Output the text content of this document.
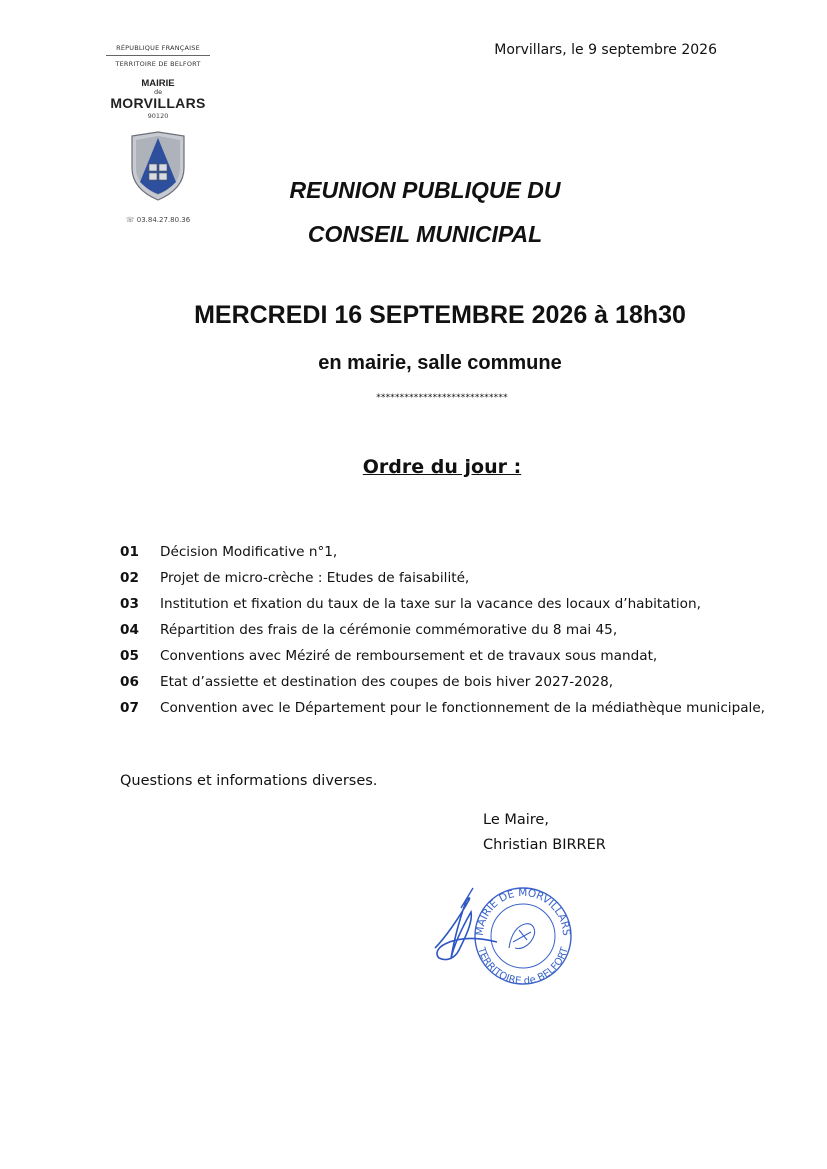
RÉPUBLIQUE FRANÇAISE
TERRITOIRE DE BELFORT
MAIRIE
de
MORVILLARS
90120
☏ 03.84.27.80.36
Morvillars, le 9 septembre 2026
REUNION PUBLIQUE DU
CONSEIL MUNICIPAL
MERCREDI 16 SEPTEMBRE 2026 à 18h30
en mairie, salle commune
****************************
Ordre du jour :
01 Décision Modificative n°1,
02 Projet de micro-crèche : Etudes de faisabilité,
03 Institution et fixation du taux de la taxe sur la vacance des locaux d’habitation,
04 Répartition des frais de la cérémonie commémorative du 8 mai 45,
05 Conventions avec Méziré de remboursement et de travaux sous mandat,
06 Etat d’assiette et destination des coupes de bois hiver 2027-2028,
07 Convention avec le Département pour le fonctionnement de la médiathèque municipale,
Questions et informations diverses.
Le Maire,
Christian BIRRER
MAIRIE DE MORVILLARS
TERRITOIRE de BELFORT
